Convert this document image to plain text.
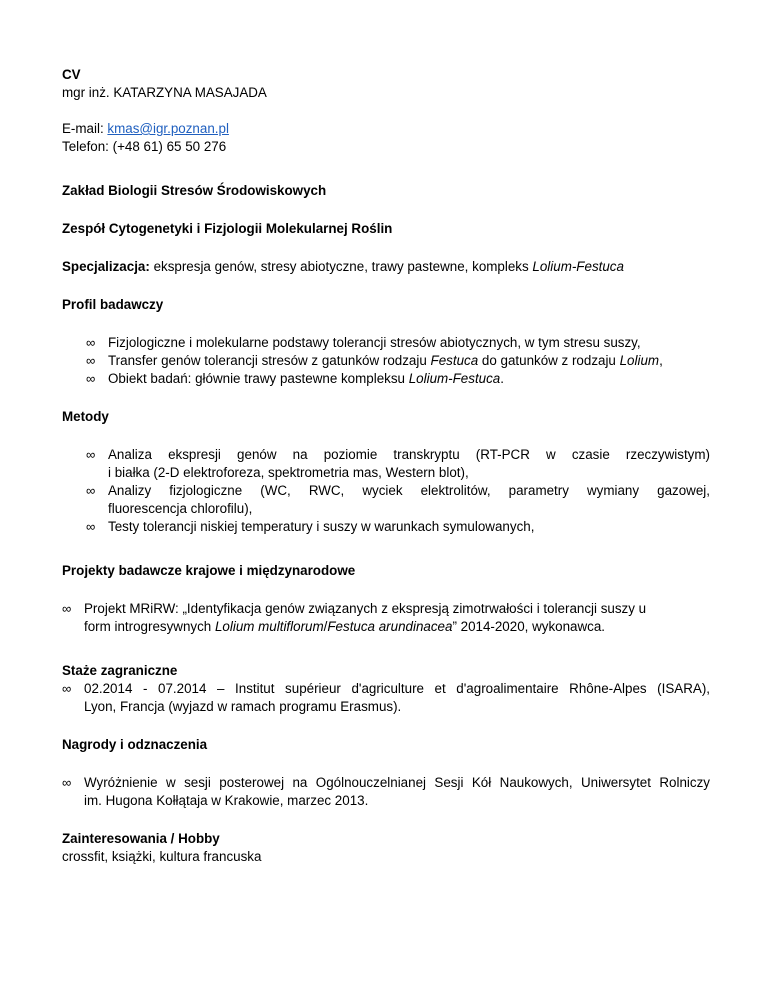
CV
mgr inż. KATARZYNA MASAJADA
E-mail: kmas@igr.poznan.pl
Telefon: (+48 61) 65 50 276
Zakład Biologii Stresów Środowiskowych
Zespół Cytogenetyki i Fizjologii Molekularnej Roślin
Specjalizacja: ekspresja genów, stresy abiotyczne, trawy pastewne, kompleks Lolium-Festuca
Profil badawczy
∞ Fizjologiczne i molekularne podstawy tolerancji stresów abiotycznych, w tym stresu suszy,
∞ Transfer genów tolerancji stresów z gatunków rodzaju Festuca do gatunków z rodzaju Lolium,
∞ Obiekt badań: głównie trawy pastewne kompleksu Lolium-Festuca.
Metody
∞ Analiza ekspresji genów na poziomie transkryptu (RT-PCR w czasie rzeczywistym)
i białka (2-D elektroforeza, spektrometria mas, Western blot),
∞ Analizy fizjologiczne (WC, RWC, wyciek elektrolitów, parametry wymiany gazowej,
fluorescencja chlorofilu),
∞ Testy tolerancji niskiej temperatury i suszy w warunkach symulowanych,
Projekty badawcze krajowe i międzynarodowe
∞ Projekt MRiRW: „Identyfikacja genów związanych z ekspresją zimotrwałości i tolerancji suszy u
form introgresywnych Lolium multiflorum/Festuca arundinacea” 2014-2020, wykonawca.
Staże zagraniczne
∞ 02.2014 - 07.2014 – Institut supérieur d'agriculture et d'agroalimentaire Rhône-Alpes (ISARA),
Lyon, Francja (wyjazd w ramach programu Erasmus).
Nagrody i odznaczenia
∞ Wyróżnienie w sesji posterowej na Ogólnouczelnianej Sesji Kół Naukowych, Uniwersytet Rolniczy
im. Hugona Kołłątaja w Krakowie, marzec 2013.
Zainteresowania / Hobby
crossfit, książki, kultura francuska
